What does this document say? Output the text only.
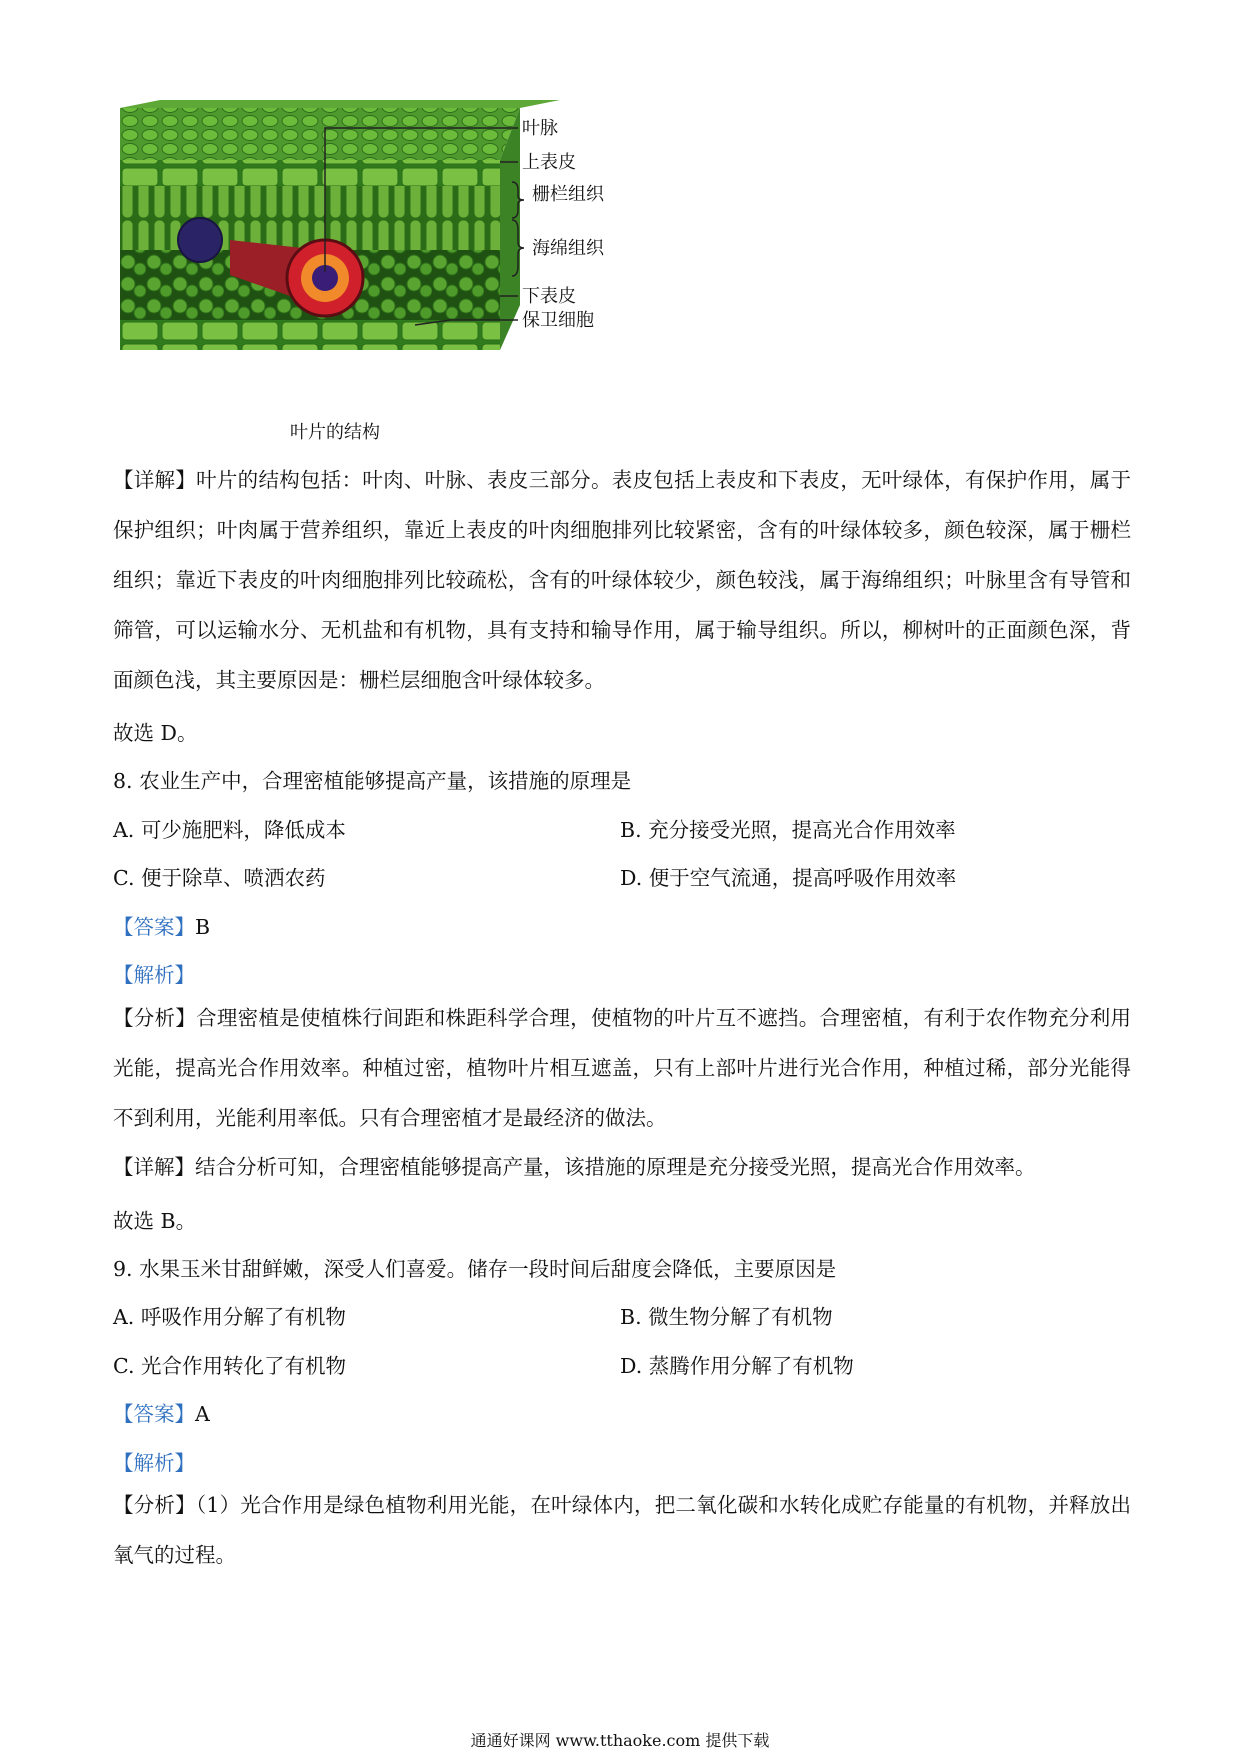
叶脉
上表皮
栅栏组织
海绵组织
下表皮
保卫细胞
叶片的结构
【详解】叶片的结构包括：叶肉、叶脉、表皮三部分。表皮包括上表皮和下表皮，无叶绿体，有保护作用，属于保护组织；叶肉属于营养组织，靠近上表皮的叶肉细胞排列比较紧密，含有的叶绿体较多，颜色较深，属于栅栏组织；靠近下表皮的叶肉细胞排列比较疏松，含有的叶绿体较少，颜色较浅，属于海绵组织；叶脉里含有导管和筛管，可以运输水分、无机盐和有机物，具有支持和输导作用，属于输导组织。所以，柳树叶的正面颜色深，背面颜色浅，其主要原因是：栅栏层细胞含叶绿体较多。
故选 D。
8. 农业生产中，合理密植能够提高产量，该措施的原理是
A. 可少施肥料，降低成本	B. 充分接受光照，提高光合作用效率
C. 便于除草、喷洒农药	D. 便于空气流通，提高呼吸作用效率
【答案】B
【解析】
【分析】合理密植是使植株行间距和株距科学合理，使植物的叶片互不遮挡。合理密植，有利于农作物充分利用光能，提高光合作用效率。种植过密，植物叶片相互遮盖，只有上部叶片进行光合作用，种植过稀，部分光能得不到利用，光能利用率低。只有合理密植才是最经济的做法。
【详解】结合分析可知，合理密植能够提高产量，该措施的原理是充分接受光照，提高光合作用效率。
故选 B。
9. 水果玉米甘甜鲜嫩，深受人们喜爱。储存一段时间后甜度会降低，主要原因是
A. 呼吸作用分解了有机物	B. 微生物分解了有机物
C. 光合作用转化了有机物	D. 蒸腾作用分解了有机物
【答案】A
【解析】
【分析】（1）光合作用是绿色植物利用光能，在叶绿体内，把二氧化碳和水转化成贮存能量的有机物，并释放出氧气的过程。
通通好课网 www.tthaoke.com 提供下载
